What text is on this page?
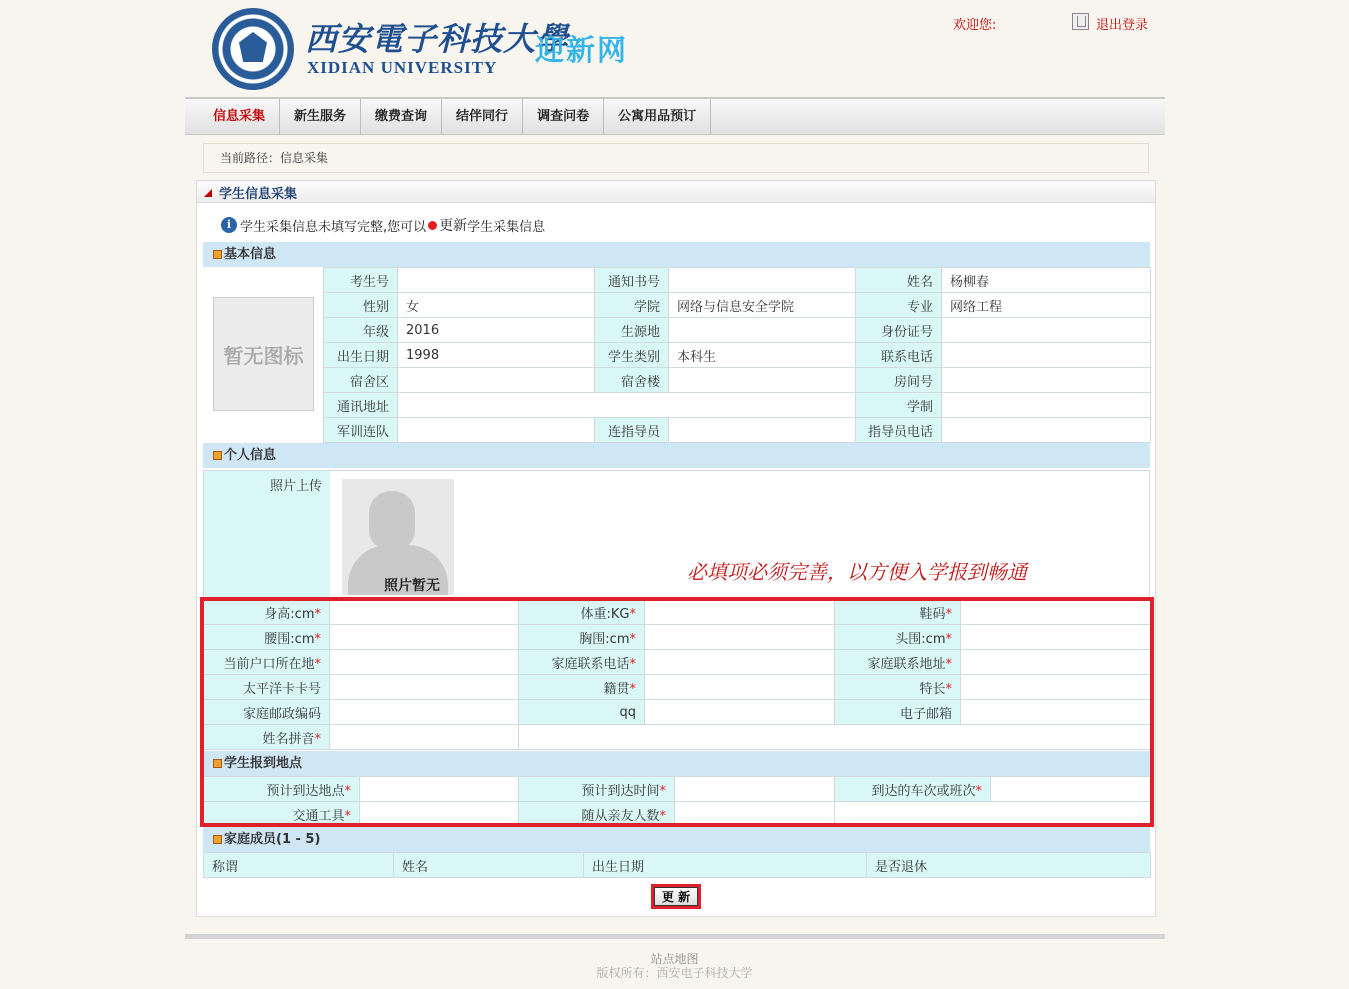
西安電子科技大學
XIDIAN UNIVERSITY
迎新网
欢迎您:	退出登录
信息采集	新生服务	缴费查询	结伴同行	调查问卷	公寓用品预订
当前路径：信息采集
学生信息采集
i 学生采集信息未填写完整,您可以 更新 学生采集信息
基本信息
暂无图标
考生号		通知书号		姓名	杨柳春
性别	女	学院	网络与信息安全学院	专业	网络工程
年级	2016	生源地		身份证号	
出生日期	1998	学生类别	本科生	联系电话	
宿舍区		宿舍楼		房间号	
通讯地址				学制	
军训连队		连指导员		指导员电话	
个人信息
照片上传
照片暂无
必填项必须完善，以方便入学报到畅通
身高:cm*		体重:KG*		鞋码*	
腰围:cm*		胸围:cm*		头围:cm*	
当前户口所在地*		家庭联系电话*		家庭联系地址*	
太平洋卡卡号		籍贯*		特长*	
家庭邮政编码		qq		电子邮箱	
姓名拼音*		
学生报到地点
预计到达地点*		预计到达时间*		到达的车次或班次*	
交通工具*		随从亲友人数*		
家庭成员(1 - 5)
称谓	姓名	出生日期	是否退休
更 新
站点地图
版权所有：西安电子科技大学
